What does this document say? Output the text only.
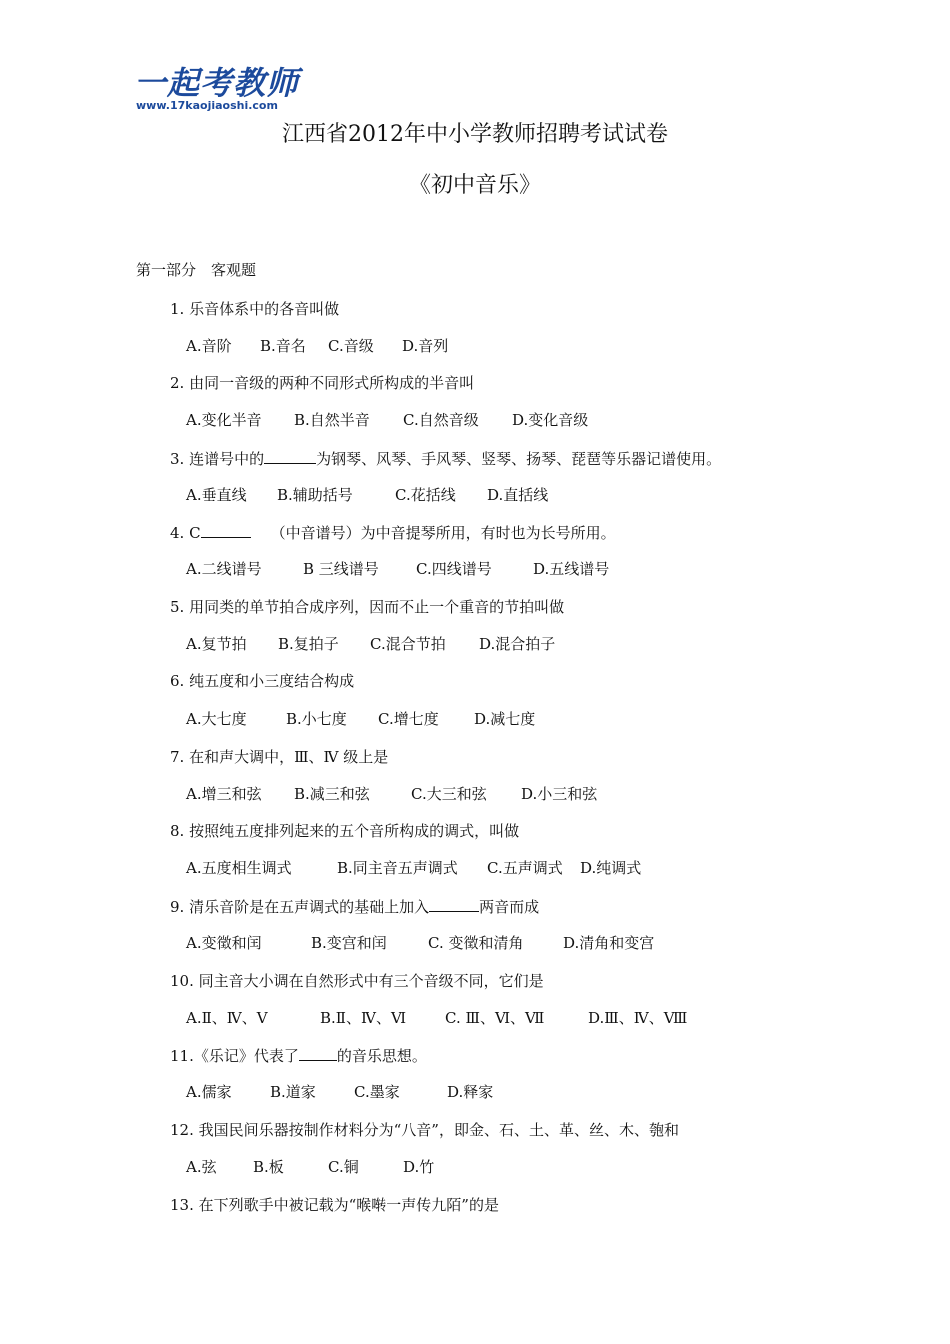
一起考教师
www.17kaojiaoshi.com
江西省2012年中小学教师招聘考试试卷
《初中音乐》
第一部分　客观题
1. 乐音体系中的各音叫做
A.音阶 B.音名 C.音级 D.音列
2. 由同一音级的两种不同形式所构成的半音叫
A.变化半音 B.自然半音 C.自然音级 D.变化音级
3. 连谱号中的	为钢琴、风琴、手风琴、竖琴、扬琴、琵琶等乐器记谱使用。
A.垂直线 B.辅助括号	C.花括线 D.直括线
4. C	（中音谱号）为中音提琴所用，有时也为长号所用。
A.二线谱号	B 三线谱号 C.四线谱号	D.五线谱号
5. 用同类的单节拍合成序列，因而不止一个重音的节拍叫做
A.复节拍 B.复拍子 C.混合节拍 D.混合拍子
6. 纯五度和小三度结合构成
A.大七度	B.小七度 C.增七度 D.减七度
7. 在和声大调中，Ⅲ、Ⅳ 级上是
A.增三和弦 B.减三和弦	C.大三和弦 D.小三和弦
8. 按照纯五度排列起来的五个音所构成的调式，叫做
A.五度相生调式	B.同主音五声调式 C.五声调式 D.纯调式
9. 清乐音阶是在五声调式的基础上加入	两音而成
A.变徵和闰	B.变宫和闰	C. 变徵和清角	D.清角和变宫
10. 同主音大小调在自然形式中有三个音级不同，它们是
A.Ⅱ、Ⅳ、Ⅴ	B.Ⅱ、Ⅳ、Ⅵ	C. Ⅲ、Ⅵ、Ⅶ	D.Ⅲ、Ⅳ、Ⅷ
11.《乐记》代表了	的音乐思想。
A.儒家	B.道家	C.墨家	D.释家
12. 我国民间乐器按制作材料分为“八音”，即金、石、土、革、丝、木、匏和
A.弦 B.板	C.铜	D.竹
13. 在下列歌手中被记载为“喉啭一声传九陌”的是
